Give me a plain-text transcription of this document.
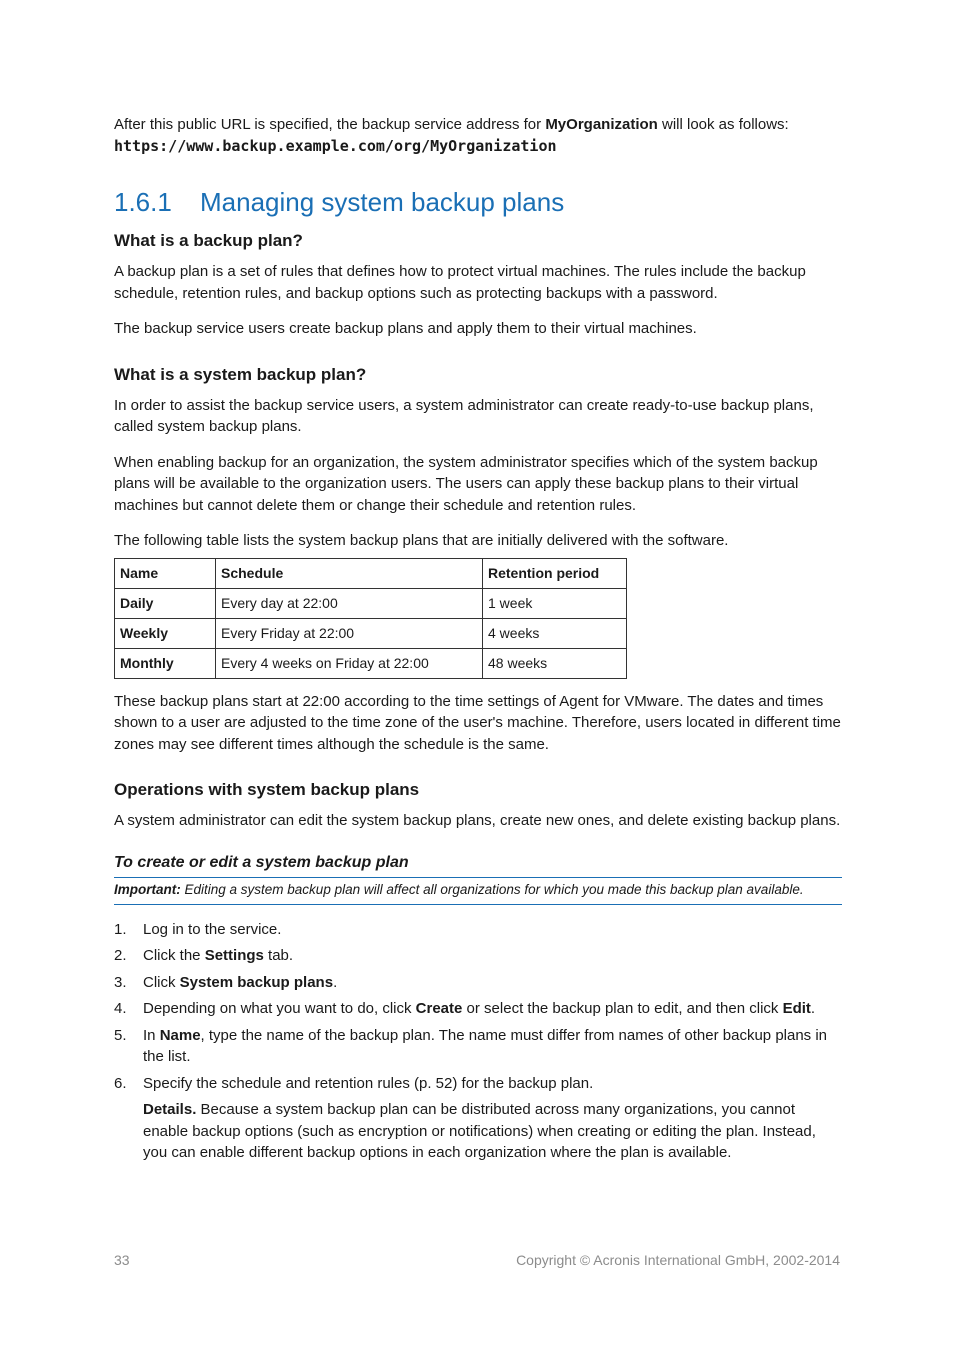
After this public URL is specified, the backup service address for MyOrganization will look as follows:
https://www.backup.example.com/org/MyOrganization

1.6.1	Managing system backup plans
What is a backup plan?

A backup plan is a set of rules that defines how to protect virtual machines. The rules include the backup schedule, retention rules, and backup options such as protecting backups with a password.

The backup service users create backup plans and apply them to their virtual machines.

What is a system backup plan?

In order to assist the backup service users, a system administrator can create ready-to-use backup plans, called system backup plans.

When enabling backup for an organization, the system administrator specifies which of the system backup plans will be available to the organization users. The users can apply these backup plans to their virtual machines but cannot delete them or change their schedule and retention rules.

The following table lists the system backup plans that are initially delivered with the software.

Name	Schedule	Retention period
Daily	Every day at 22:00	1 week
Weekly	Every Friday at 22:00	4 weeks
Monthly	Every 4 weeks on Friday at 22:00	48 weeks

These backup plans start at 22:00 according to the time settings of Agent for VMware. The dates and times shown to a user are adjusted to the time zone of the user's machine. Therefore, users located in different time zones may see different times although the schedule is the same.

Operations with system backup plans

A system administrator can edit the system backup plans, create new ones, and delete existing backup plans.

To create or edit a system backup plan
Important: Editing a system backup plan will affect all organizations for which you made this backup plan available.
1. Log in to the service.
2. Click the Settings tab.
3. Click System backup plans.
4. Depending on what you want to do, click Create or select the backup plan to edit, and then click Edit.
5. In Name, type the name of the backup plan. The name must differ from names of other backup plans in the list.
6. Specify the schedule and retention rules (p. 52) for the backup plan.

Details. Because a system backup plan can be distributed across many organizations, you cannot enable backup options (such as encryption or notifications) when creating or editing the plan. Instead, you can enable different backup options in each organization where the plan is available.

33	Copyright © Acronis International GmbH, 2002-2014
